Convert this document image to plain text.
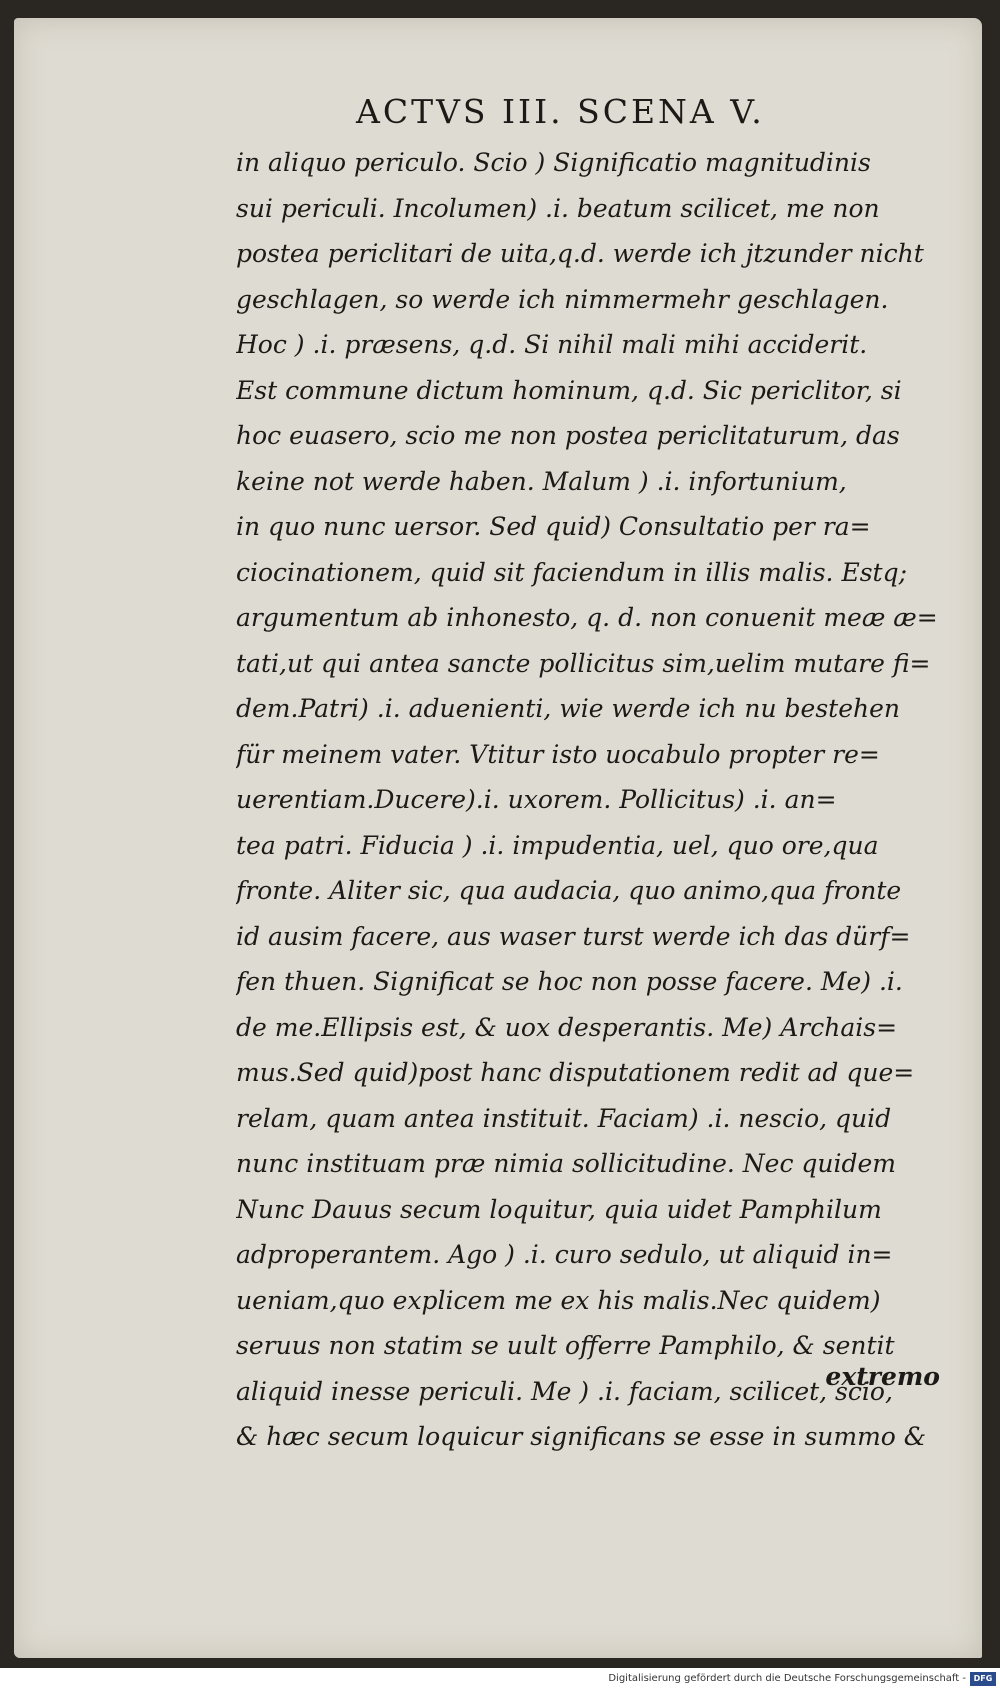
ACTVS III. SCENA V.
in aliquo periculo. Scio ) Significatio magnitudinis
sui periculi. Incolumen) .i. beatum scilicet, me non
postea periclitari de uita,q.d. werde ich jtzunder nicht
geschlagen, so werde ich nimmermehr geschlagen.
Hoc ) .i. præsens, q.d. Si nihil mali mihi acciderit.
Est commune dictum hominum, q.d. Sic periclitor, si
hoc euasero, scio me non postea periclitaturum, das
keine not werde haben. Malum ) .i. infortunium,
in quo nunc uersor. Sed quid) Consultatio per ra=
ciocinationem, quid sit faciendum in illis malis. Estq;
argumentum ab inhonesto, q. d. non conuenit meæ æ=
tati,ut qui antea sancte pollicitus sim,uelim mutare fi=
dem.Patri) .i. aduenienti, wie werde ich nu bestehen
für meinem vater. Vtitur isto uocabulo propter re=
uerentiam.Ducere).i. uxorem. Pollicitus) .i. an=
tea patri. Fiducia ) .i. impudentia, uel, quo ore,qua
fronte. Aliter sic, qua audacia, quo animo,qua fronte
id ausim facere, aus waser turst werde ich das dürf=
fen thuen. Significat se hoc non posse facere. Me) .i.
de me.Ellipsis est, & uox desperantis. Me) Archais=
mus.Sed quid)post hanc disputationem redit ad que=
relam, quam antea instituit. Faciam) .i. nescio, quid
nunc instituam præ nimia sollicitudine. Nec quidem
Nunc Dauus secum loquitur, quia uidet Pamphilum
adproperantem. Ago ) .i. curo sedulo, ut aliquid in=
ueniam,quo explicem me ex his malis.Nec quidem)
seruus non statim se uult offerre Pamphilo, & sentit
aliquid inesse periculi. Me ) .i. faciam, scilicet, scio,
& hæc secum loquicur significans se esse in summo &
extremo
Digitalisierung gefördert durch die Deutsche Forschungsgemeinschaft - DFG
